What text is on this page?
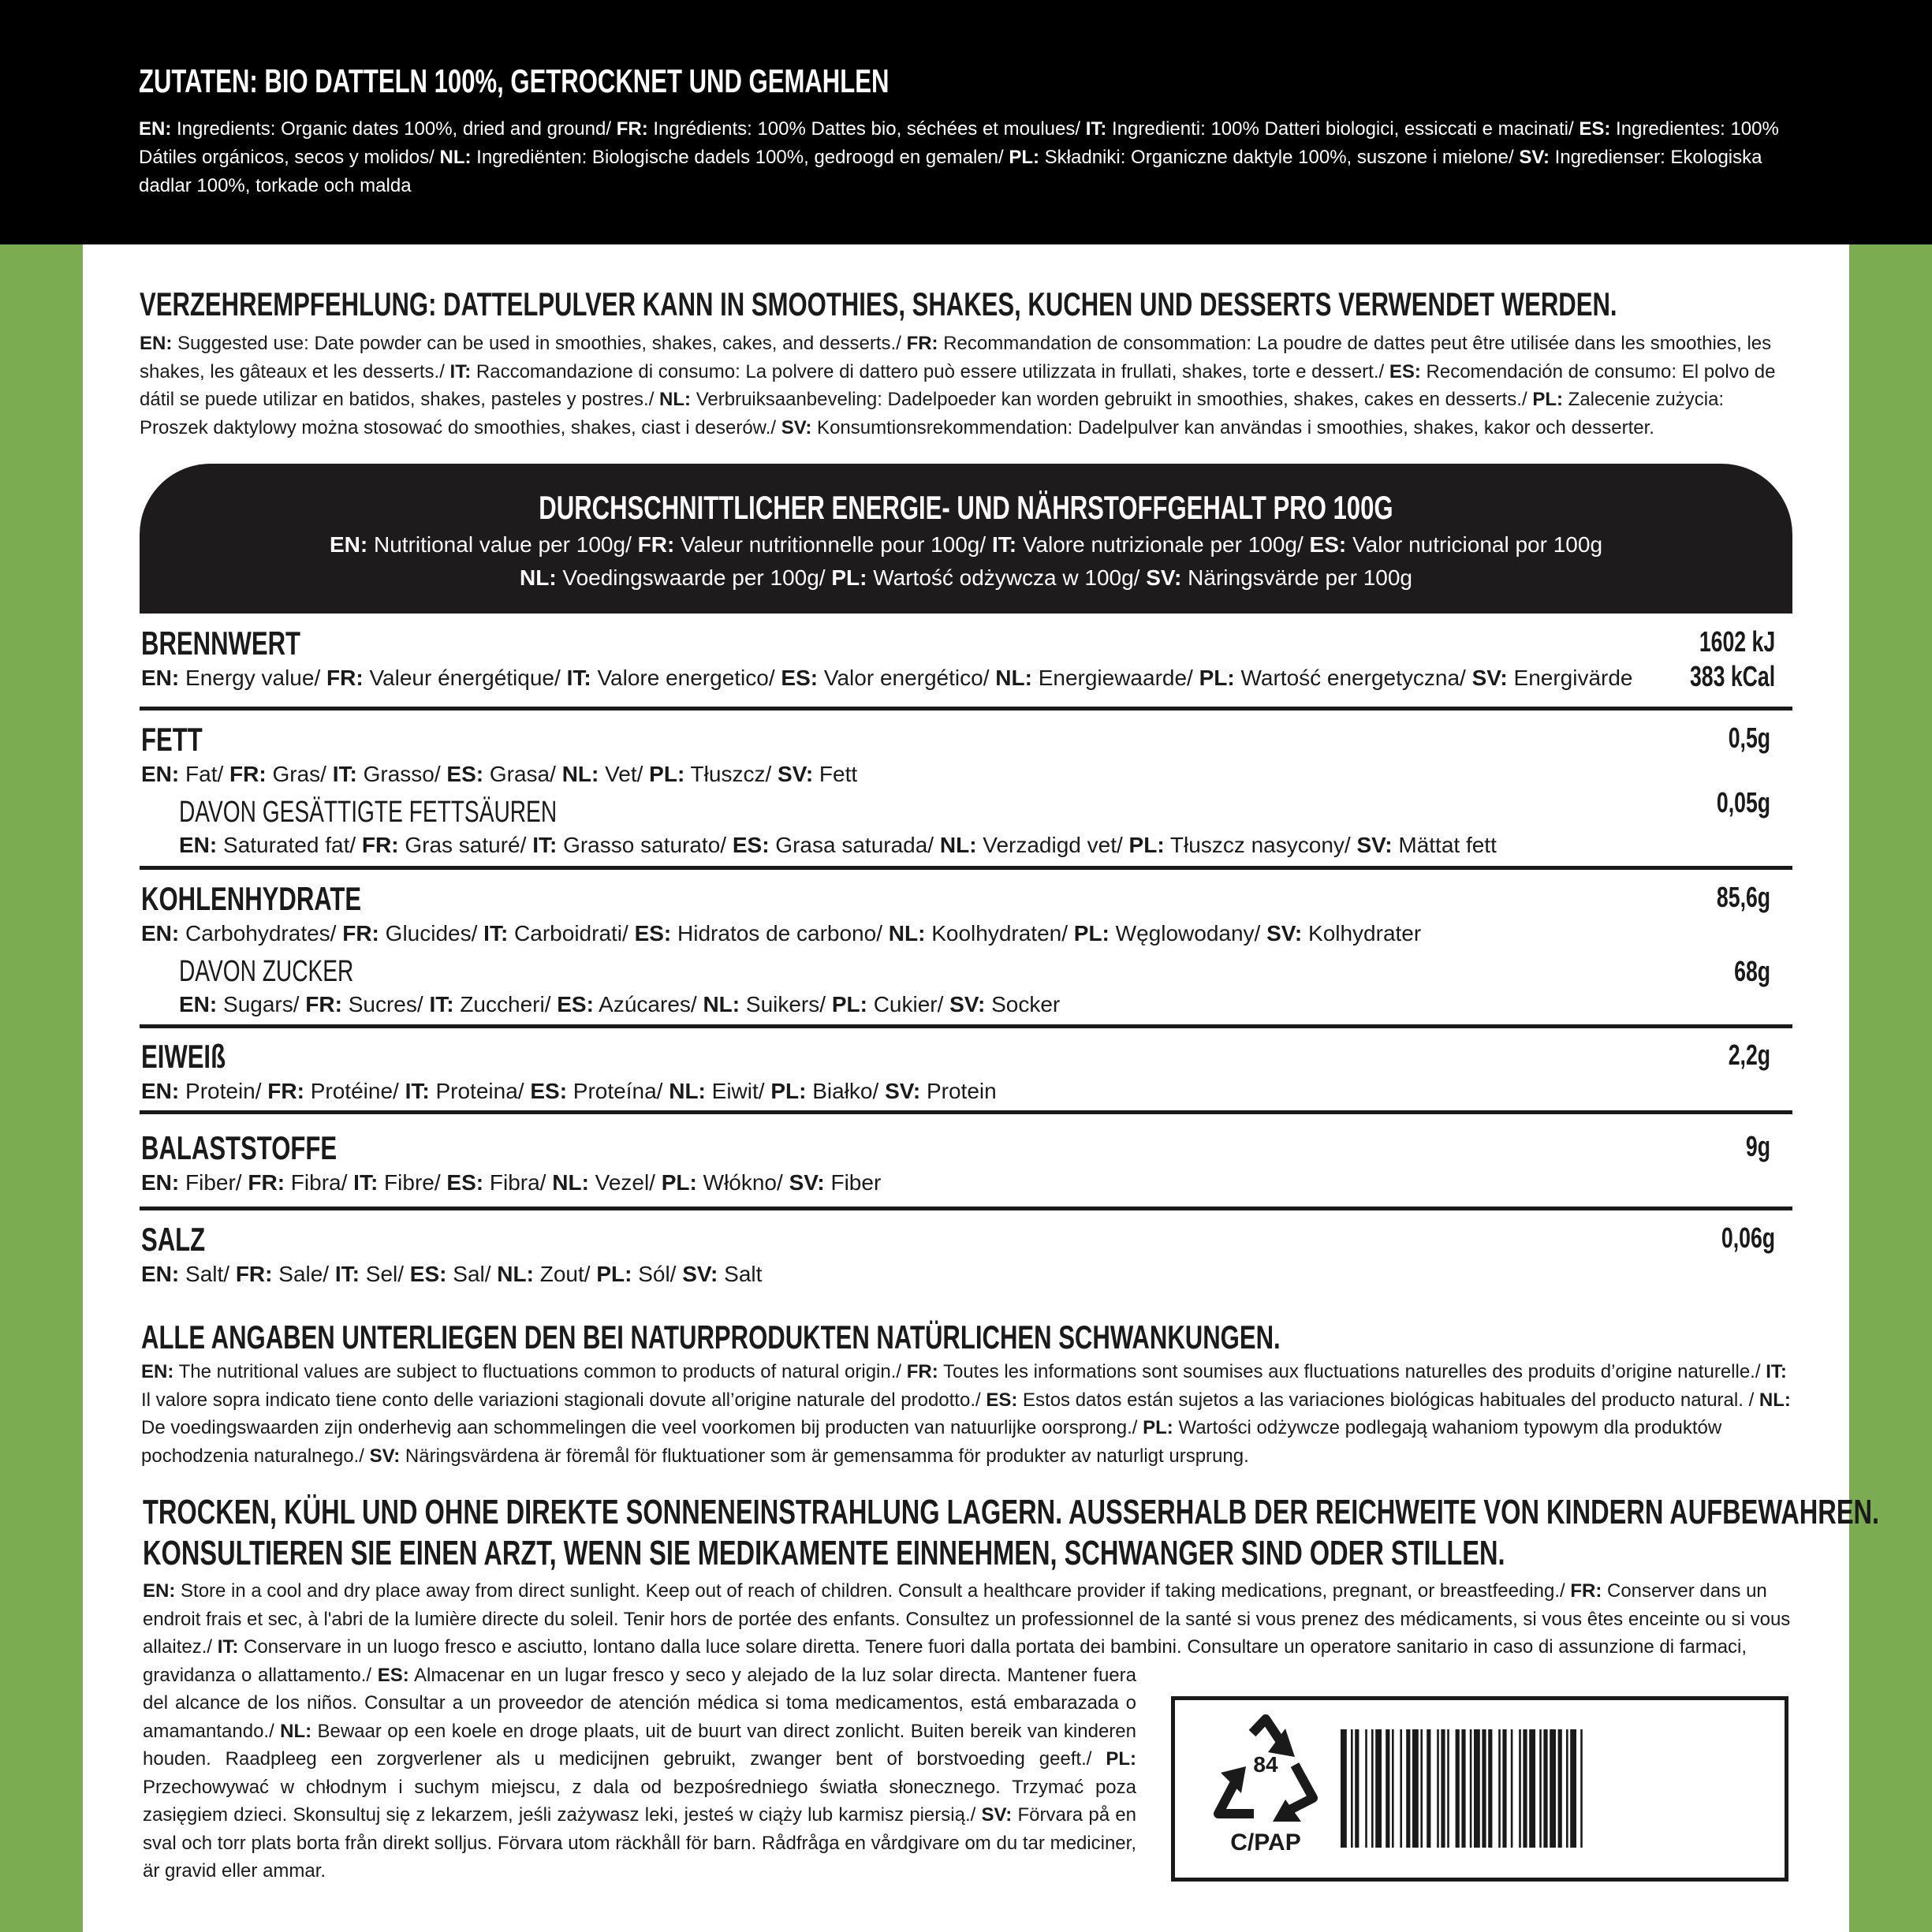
ZUTATEN: BIO DATTELN 100%, GETROCKNET UND GEMAHLEN
EN: Ingredients: Organic dates 100%, dried and ground/ FR: Ingrédients: 100% Dattes bio, séchées et moulues/ IT: Ingredienti: 100% Datteri biologici, essiccati e macinati/ ES: Ingredientes: 100% Dátiles orgánicos, secos y molidos/ NL: Ingrediënten: Biologische dadels 100%, gedroogd en gemalen/ PL: Składniki: Organiczne daktyle 100%, suszone i mielone/ SV: Ingredienser: Ekologiska dadlar 100%, torkade och malda
VERZEHREMPFEHLUNG: DATTELPULVER KANN IN SMOOTHIES, SHAKES, KUCHEN UND DESSERTS VERWENDET WERDEN.
EN: Suggested use: Date powder can be used in smoothies, shakes, cakes, and desserts./ FR: Recommandation de consommation: La poudre de dattes peut être utilisée dans les smoothies, les shakes, les gâteaux et les desserts./ IT: Raccomandazione di consumo: La polvere di dattero può essere utilizzata in frullati, shakes, torte e dessert./ ES: Recomendación de consumo: El polvo de dátil se puede utilizar en batidos, shakes, pasteles y postres./ NL: Verbruiksaanbeveling: Dadelpoeder kan worden gebruikt in smoothies, shakes, cakes en desserts./ PL: Zalecenie zużycia: Proszek daktylowy można stosować do smoothies, shakes, ciast i deserów./ SV: Konsumtionsrekommendation: Dadelpulver kan användas i smoothies, shakes, kakor och desserter.
DURCHSCHNITTLICHER ENERGIE- UND NÄHRSTOFFGEHALT PRO 100G
EN: Nutritional value per 100g/ FR: Valeur nutritionnelle pour 100g/ IT: Valore nutrizionale per 100g/ ES: Valor nutricional por 100g
NL: Voedingswaarde per 100g/ PL: Wartość odżywcza w 100g/ SV: Näringsvärde per 100g
BRENNWERT
EN: Energy value/ FR: Valeur énergétique/ IT: Valore energetico/ ES: Valor energético/ NL: Energiewaarde/ PL: Wartość energetyczna/ SV: Energivärde
1602 kJ
383 kCal
FETT
EN: Fat/ FR: Gras/ IT: Grasso/ ES: Grasa/ NL: Vet/ PL: Tłuszcz/ SV: Fett
0,5g
DAVON GESÄTTIGTE FETTSÄUREN
EN: Saturated fat/ FR: Gras saturé/ IT: Grasso saturato/ ES: Grasa saturada/ NL: Verzadigd vet/ PL: Tłuszcz nasycony/ SV: Mättat fett
0,05g
KOHLENHYDRATE
EN: Carbohydrates/ FR: Glucides/ IT: Carboidrati/ ES: Hidratos de carbono/ NL: Koolhydraten/ PL: Węglowodany/ SV: Kolhydrater
85,6g
DAVON ZUCKER
EN: Sugars/ FR: Sucres/ IT: Zuccheri/ ES: Azúcares/ NL: Suikers/ PL: Cukier/ SV: Socker
68g
EIWEIß
EN: Protein/ FR: Protéine/ IT: Proteina/ ES: Proteína/ NL: Eiwit/ PL: Białko/ SV: Protein
2,2g
BALASTSTOFFE
EN: Fiber/ FR: Fibra/ IT: Fibre/ ES: Fibra/ NL: Vezel/ PL: Włókno/ SV: Fiber
9g
SALZ
EN: Salt/ FR: Sale/ IT: Sel/ ES: Sal/ NL: Zout/ PL: Sól/ SV: Salt
0,06g
ALLE ANGABEN UNTERLIEGEN DEN BEI NATURPRODUKTEN NATÜRLICHEN SCHWANKUNGEN.
EN: The nutritional values are subject to fluctuations common to products of natural origin./ FR: Toutes les informations sont soumises aux fluctuations naturelles des produits d’origine naturelle./ IT: Il valore sopra indicato tiene conto delle variazioni stagionali dovute all’origine naturale del prodotto./ ES: Estos datos están sujetos a las variaciones biológicas habituales del producto natural. / NL: De voedingswaarden zijn onderhevig aan schommelingen die veel voorkomen bij producten van natuurlijke oorsprong./ PL: Wartości odżywcze podlegają wahaniom typowym dla produktów pochodzenia naturalnego./ SV: Näringsvärdena är föremål för fluktuationer som är gemensamma för produkter av naturligt ursprung.
TROCKEN, KÜHL UND OHNE DIREKTE SONNENEINSTRAHLUNG LAGERN. AUSSERHALB DER REICHWEITE VON KINDERN AUFBEWAHREN.
KONSULTIEREN SIE EINEN ARZT, WENN SIE MEDIKAMENTE EINNEHMEN, SCHWANGER SIND ODER STILLEN.
EN: Store in a cool and dry place away from direct sunlight. Keep out of reach of children. Consult a healthcare provider if taking medications, pregnant, or breastfeeding./ FR: Conserver dans un endroit frais et sec, à l'abri de la lumière directe du soleil. Tenir hors de portée des enfants. Consultez un professionnel de la santé si vous prenez des médicaments, si vous êtes enceinte ou si vous allaitez./ IT: Conservare in un luogo fresco e asciutto, lontano dalla luce solare diretta. Tenere fuori dalla portata dei bambini. Consultare un operatore sanitario in caso di assunzione di farmaci,
gravidanza o allattamento./ ES: Almacenar en un lugar fresco y seco y alejado de la luz solar directa. Mantener fuera del alcance de los niños. Consultar a un proveedor de atención médica si toma medicamentos, está embarazada o amamantando./ NL: Bewaar op een koele en droge plaats, uit de buurt van direct zonlicht. Buiten bereik van kinderen houden. Raadpleeg een zorgverlener als u medicijnen gebruikt, zwanger bent of borstvoeding geeft./ PL: Przechowywać w chłodnym i suchym miejscu, z dala od bezpośredniego światła słonecznego. Trzymać poza zasięgiem dzieci. Skonsultuj się z lekarzem, jeśli zażywasz leki, jesteś w ciąży lub karmisz piersią./ SV: Förvara på en sval och torr plats borta från direkt solljus. Förvara utom räckhåll för barn. Rådfråga en vårdgivare om du tar mediciner, är gravid eller ammar.
84
C/PAP
